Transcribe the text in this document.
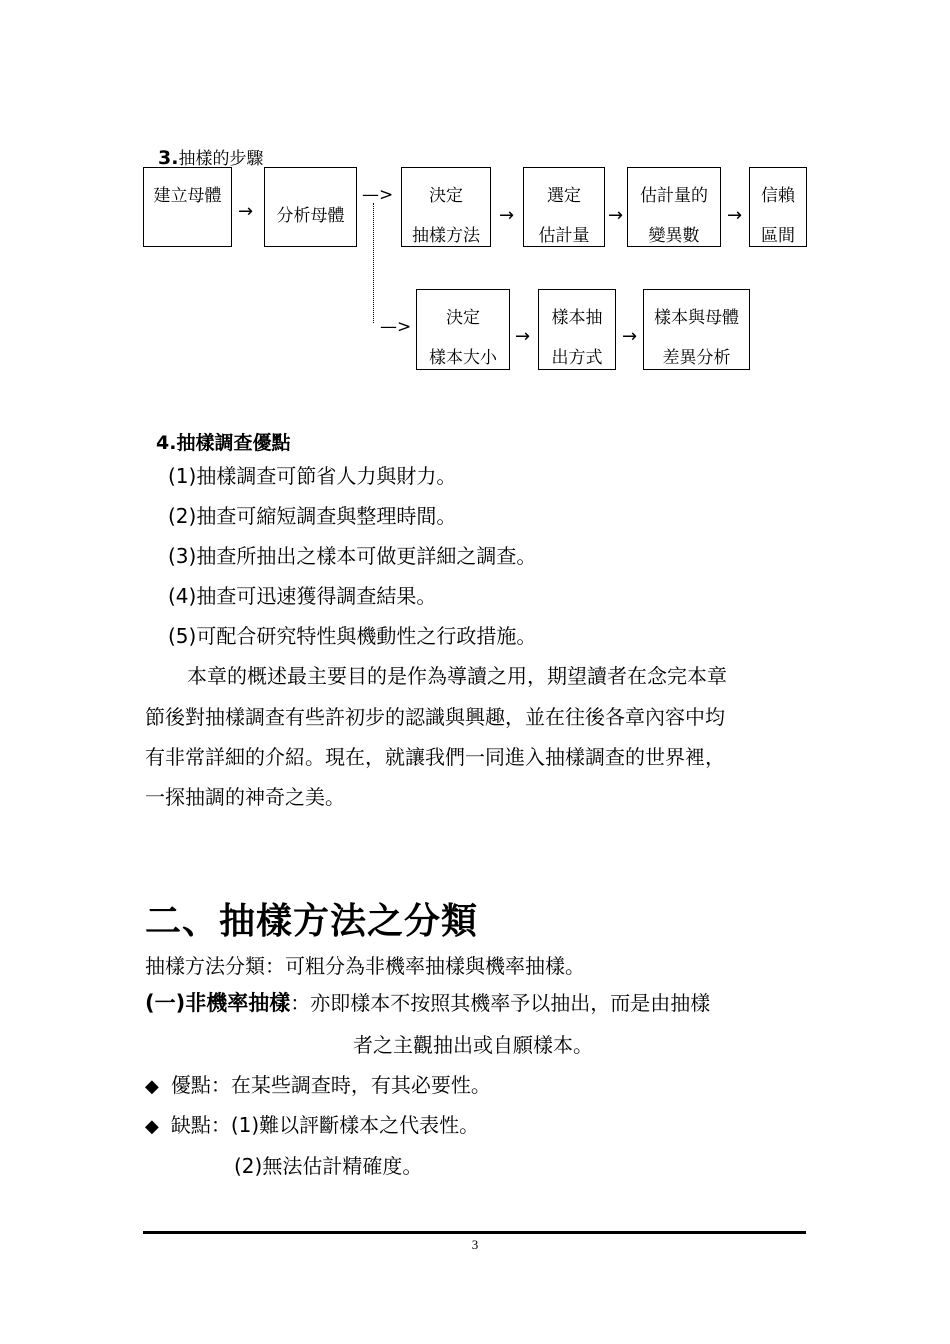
3.抽樣的步驟
建立母體
→	分析母體
—>	決定
抽樣方法
→
選定
估計量
→
估計量的
變異數
→
信賴
區間
—>	決定
樣本大小
→
樣本抽
出方式
→
樣本與母體
差異分析
4.抽樣調查優點
(1)抽樣調查可節省人力與財力。
(2)抽查可縮短調查與整理時間。
(3)抽查所抽出之樣本可做更詳細之調查。
(4)抽查可迅速獲得調查結果。
(5)可配合研究特性與機動性之行政措施。
本章的概述最主要目的是作為導讀之用，期望讀者在念完本章
節後對抽樣調查有些許初步的認識與興趣，並在往後各章內容中均
有非常詳細的介紹。現在，就讓我們一同進入抽樣調查的世界裡，
一探抽調的神奇之美。
二、抽樣方法之分類
抽樣方法分類：可粗分為非機率抽樣與機率抽樣。
(一)非機率抽樣：亦即樣本不按照其機率予以抽出，而是由抽樣
者之主觀抽出或自願樣本。
◆ 優點：在某些調查時，有其必要性。
◆ 缺點：(1)難以評斷樣本之代表性。
(2)無法估計精確度。
3
